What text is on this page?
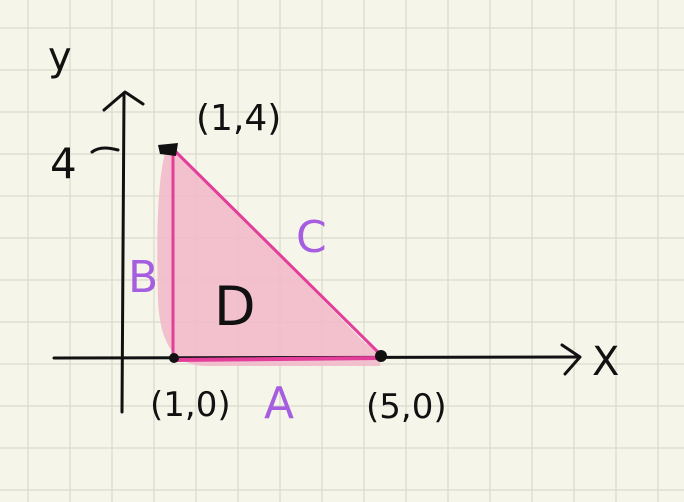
y
X
4
(1,4)
(1,0)	(5,0)
A
B
C
D
